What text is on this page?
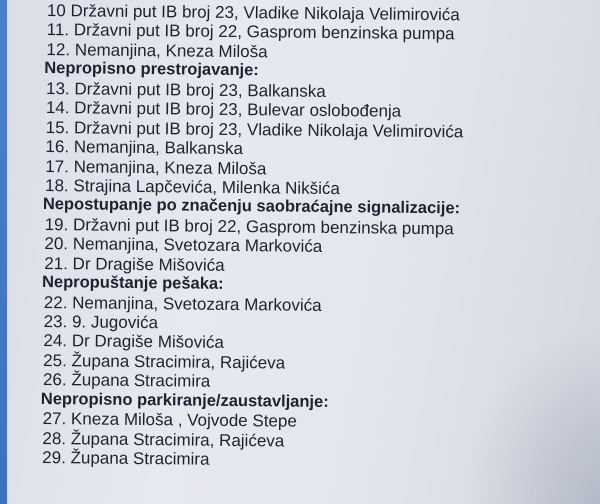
10 Državni put IB broj 23, Vladike Nikolaja Velimirovića
11. Državni put IB broj 22, Gasprom benzinska pumpa
12. Nemanjina, Kneza Miloša
Nepropisno prestrojavanje:
13. Državni put IB broj 23, Balkanska
14. Državni put IB broj 23, Bulevar oslobođenja
15. Državni put IB broj 23, Vladike Nikolaja Velimirovića
16. Nemanjina, Balkanska
17. Nemanjina, Kneza Miloša
18. Strajina Lapčevića, Milenka Nikšića
Nepostupanje po značenju saobraćajne signalizacije:
19. Državni put IB broj 22, Gasprom benzinska pumpa
20. Nemanjina, Svetozara Markovića
21. Dr Dragiše Mišovića
Nepropuštanje pešaka:
22. Nemanjina, Svetozara Markovića
23. 9. Jugovića
24. Dr Dragiše Mišovića
25. Župana Stracimira, Rajićeva
26. Župana Stracimira
Nepropisno parkiranje/zaustavljanje:
27. Kneza Miloša , Vojvode Stepe
28. Župana Stracimira, Rajićeva
29. Župana Stracimira
